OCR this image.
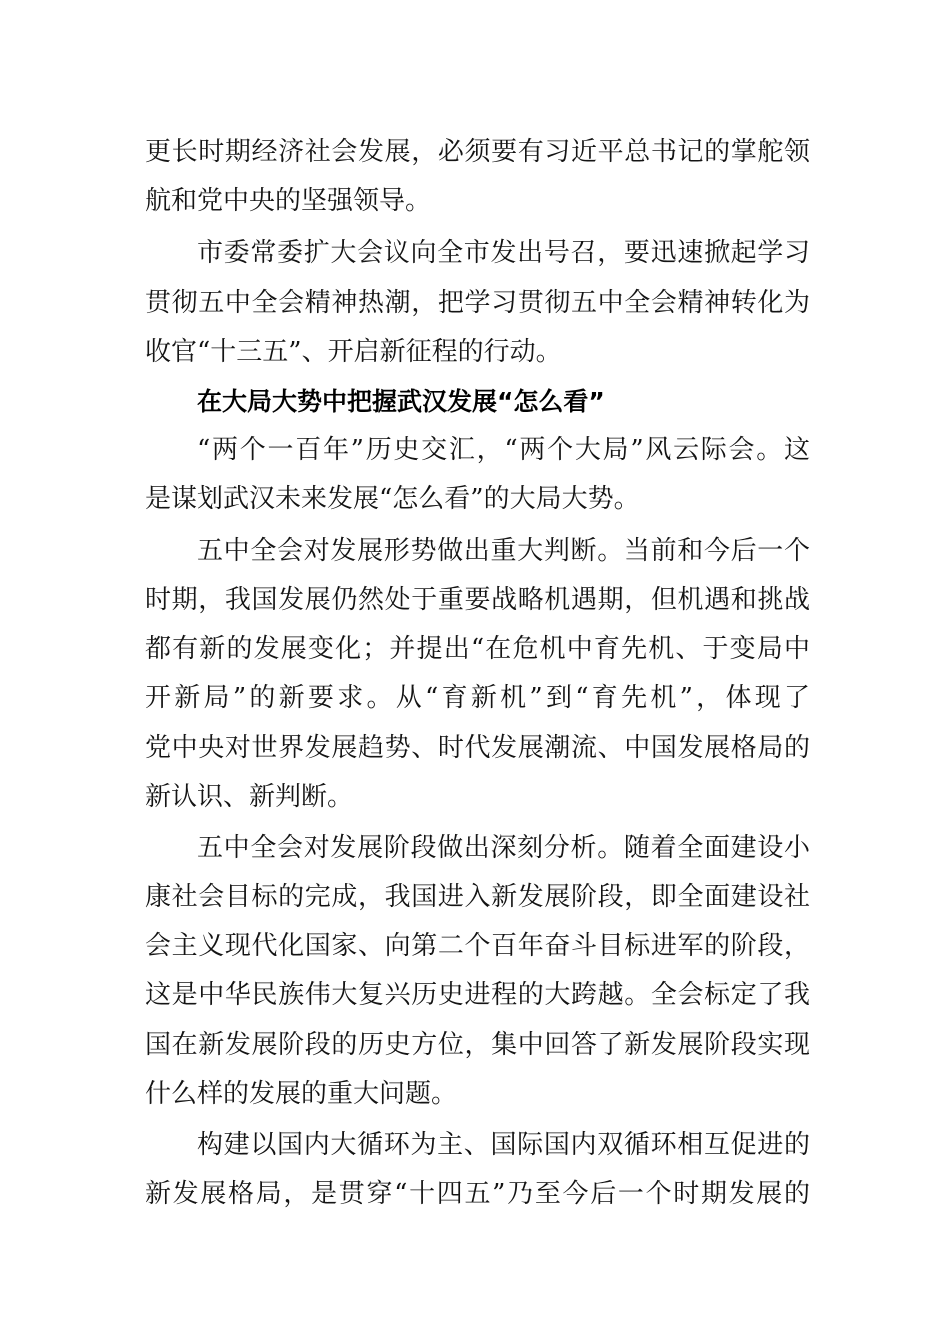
更长时期经济社会发展，必须要有习近平总书记的掌舵领

航和党中央的坚强领导。

市委常委扩大会议向全市发出号召，要迅速掀起学习

贯彻五中全会精神热潮，把学习贯彻五中全会精神转化为

收官“十三五”、开启新征程的行动。

在大局大势中把握武汉发展“怎么看”

“两个一百年”历史交汇，“两个大局”风云际会。这

是谋划武汉未来发展“怎么看”的大局大势。

五中全会对发展形势做出重大判断。当前和今后一个

时期，我国发展仍然处于重要战略机遇期，但机遇和挑战

都有新的发展变化；并提出“在危机中育先机、于变局中

开新局”的新要求。从“育新机”到“育先机”，体现了

党中央对世界发展趋势、时代发展潮流、中国发展格局的

新认识、新判断。

五中全会对发展阶段做出深刻分析。随着全面建设小

康社会目标的完成，我国进入新发展阶段，即全面建设社

会主义现代化国家、向第二个百年奋斗目标进军的阶段，

这是中华民族伟大复兴历史进程的大跨越。全会标定了我

国在新发展阶段的历史方位，集中回答了新发展阶段实现

什么样的发展的重大问题。

构建以国内大循环为主、国际国内双循环相互促进的

新发展格局，是贯穿“十四五”乃至今后一个时期发展的
